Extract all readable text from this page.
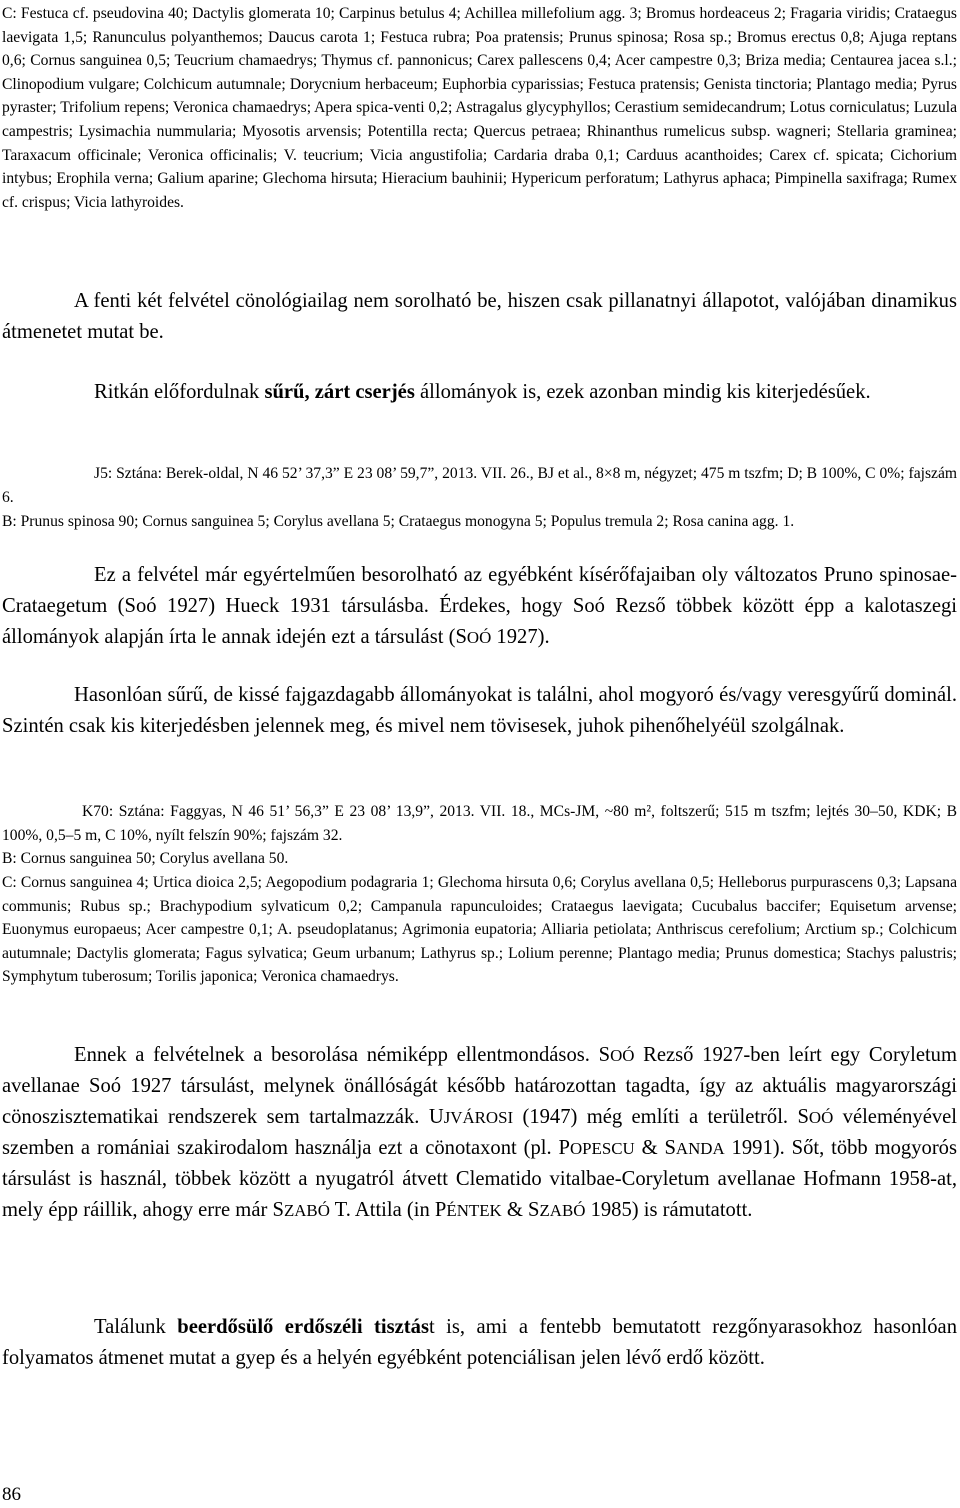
C: Festuca cf. pseudovina 40; Dactylis glomerata 10; Carpinus betulus 4; Achillea millefolium agg. 3; Bromus hordeaceus 2; Fragaria viridis; Crataegus laevigata 1,5; Ranunculus polyanthemos; Daucus carota 1; Festuca rubra; Poa pratensis; Prunus spinosa; Rosa sp.; Bromus erectus 0,8; Ajuga reptans 0,6; Cornus sanguinea 0,5; Teucrium chamaedrys; Thymus cf. pannonicus; Carex pallescens 0,4; Acer campestre 0,3; Briza media; Centaurea jacea s.l.; Clinopodium vulgare; Colchicum autumnale; Dorycnium herbaceum; Euphorbia cyparissias; Festuca pratensis; Genista tinctoria; Plantago media; Pyrus pyraster; Trifolium repens; Veronica chamaedrys; Apera spica-venti 0,2; Astragalus glycyphyllos; Cerastium semidecandrum; Lotus corniculatus; Luzula campestris; Lysimachia nummularia; Myosotis arvensis; Potentilla recta; Quercus petraea; Rhinanthus rumelicus subsp. wagneri; Stellaria graminea; Taraxacum officinale; Veronica officinalis; V. teucrium; Vicia angustifolia; Cardaria draba 0,1; Carduus acanthoides; Carex cf. spicata; Cichorium intybus; Erophila verna; Galium aparine; Glechoma hirsuta; Hieracium bauhinii; Hypericum perforatum; Lathyrus aphaca; Pimpinella saxifraga; Rumex cf. crispus; Vicia lathyroides.

A fenti két felvétel cönológiailag nem sorolható be, hiszen csak pillanatnyi állapotot, valójában dinamikus átmenetet mutat be.

Ritkán előfordulnak sűrű, zárt cserjés állományok is, ezek azonban mindig kis kiterjedésűek.

J5: Sztána: Berek-oldal, N 46 52’ 37,3” E 23 08’ 59,7”, 2013. VII. 26., BJ et al., 8×8 m, négyzet; 475 m tszfm; D; B 100%, C 0%; fajszám 6.

B: Prunus spinosa 90; Cornus sanguinea 5; Corylus avellana 5; Crataegus monogyna 5; Populus tremula 2; Rosa canina agg. 1.

Ez a felvétel már egyértelműen besorolható az egyébként kísérőfajaiban oly változatos Pruno spinosae-Crataegetum (Soó 1927) Hueck 1931 társulásba. Érdekes, hogy Soó Rezső többek között épp a kalotaszegi állományok alapján írta le annak idején ezt a társulást (SOÓ 1927).

Hasonlóan sűrű, de kissé fajgazdagabb állományokat is találni, ahol mogyoró és/vagy veresgyűrű dominál. Szintén csak kis kiterjedésben jelennek meg, és mivel nem tövisesek, juhok pihenőhelyéül szolgálnak.

K70: Sztána: Faggyas, N 46 51’ 56,3” E 23 08’ 13,9”, 2013. VII. 18., MCs-JM, ~80 m², foltszerű; 515 m tszfm; lejtés 30–50, KDK; B 100%, 0,5–5 m, C 10%, nyílt felszín 90%; fajszám 32.

B: Cornus sanguinea 50; Corylus avellana 50.

C: Cornus sanguinea 4; Urtica dioica 2,5; Aegopodium podagraria 1; Glechoma hirsuta 0,6; Corylus avellana 0,5; Helleborus purpurascens 0,3; Lapsana communis; Rubus sp.; Brachypodium sylvaticum 0,2; Campanula rapunculoides; Crataegus laevigata; Cucubalus baccifer; Equisetum arvense; Euonymus europaeus; Acer campestre 0,1; A. pseudoplatanus; Agrimonia eupatoria; Alliaria petiolata; Anthriscus cerefolium; Arctium sp.; Colchicum autumnale; Dactylis glomerata; Fagus sylvatica; Geum urbanum; Lathyrus sp.; Lolium perenne; Plantago media; Prunus domestica; Stachys palustris; Symphytum tuberosum; Torilis japonica; Veronica chamaedrys.

Ennek a felvételnek a besorolása némiképp ellentmondásos. SOÓ Rezső 1927-ben leírt egy Coryletum avellanae Soó 1927 társulást, melynek önállóságát később határozottan tagadta, így az aktuális magyarországi cönoszisztematikai rendszerek sem tartalmazzák. UJVÁROSI (1947) még említi a területről. SOÓ véleményével szemben a romániai szakirodalom használja ezt a cönotaxont (pl. POPESCU & SANDA 1991). Sőt, több mogyorós társulást is használ, többek között a nyugatról átvett Clematido vitalbae-Coryletum avellanae Hofmann 1958-at, mely épp ráillik, ahogy erre már SZABÓ T. Attila (in PÉNTEK & SZABÓ 1985) is rámutatott.

Találunk beerdősülő erdőszéli tisztást is, ami a fentebb bemutatott rezgőnyarasokhoz hasonlóan folyamatos átmenet mutat a gyep és a helyén egyébként potenciálisan jelen lévő erdő között.

86
